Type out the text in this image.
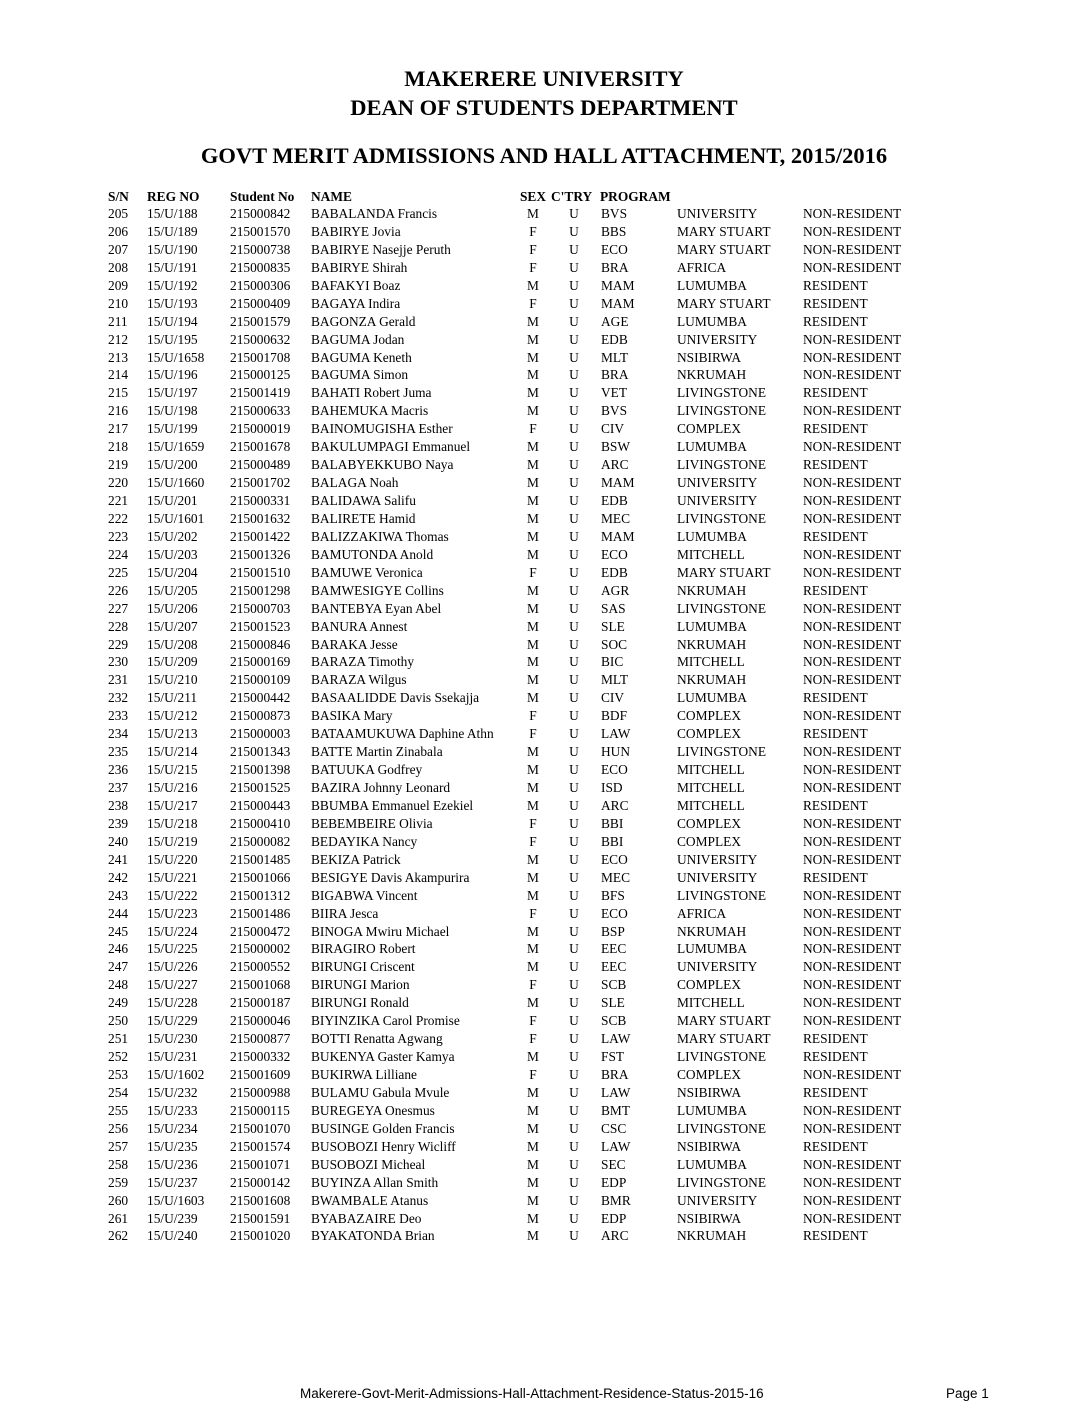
MAKERERE UNIVERSITY
DEAN OF STUDENTS DEPARTMENT
GOVT MERIT ADMISSIONS AND HALL ATTACHMENT, 2015/2016
S/N REG NO Student No NAME	SEX C'TRY PROGRAM
205 15/U/188 215000842 BABALANDA Francis	M	U	BVS	UNIVERSITY	NON-RESIDENT
206 15/U/189 215001570 BABIRYE Jovia	F	U	BBS	MARY STUART NON-RESIDENT
207 15/U/190 215000738 BABIRYE Nasejje Peruth	F	U	ECO	MARY STUART NON-RESIDENT
208 15/U/191 215000835 BABIRYE Shirah	F	U	BRA	AFRICA	NON-RESIDENT
209 15/U/192 215000306 BAFAKYI Boaz	M	U	MAM	LUMUMBA	RESIDENT
210 15/U/193 215000409 BAGAYA Indira	F	U	MAM	MARY STUART RESIDENT
211 15/U/194 215001579 BAGONZA Gerald	M	U	AGE	LUMUMBA	RESIDENT
212 15/U/195 215000632 BAGUMA Jodan	M	U	EDB	UNIVERSITY	NON-RESIDENT
213 15/U/1658 215001708 BAGUMA Keneth	M	U	MLT	NSIBIRWA	NON-RESIDENT
214 15/U/196 215000125 BAGUMA Simon	M	U	BRA	NKRUMAH	NON-RESIDENT
215 15/U/197 215001419 BAHATI Robert Juma	M	U	VET	LIVINGSTONE	RESIDENT
216 15/U/198 215000633 BAHEMUKA Macris	M	U	BVS	LIVINGSTONE	NON-RESIDENT
217 15/U/199 215000019 BAINOMUGISHA Esther	F	U	CIV	COMPLEX	RESIDENT
218 15/U/1659 215001678 BAKULUMPAGI Emmanuel	M	U	BSW	LUMUMBA	NON-RESIDENT
219 15/U/200 215000489 BALABYEKKUBO Naya	M	U	ARC	LIVINGSTONE	RESIDENT
220 15/U/1660 215001702 BALAGA Noah	M	U	MAM	UNIVERSITY	NON-RESIDENT
221 15/U/201 215000331 BALIDAWA Salifu	M	U	EDB	UNIVERSITY	NON-RESIDENT
222 15/U/1601 215001632 BALIRETE Hamid	M	U	MEC	LIVINGSTONE	NON-RESIDENT
223 15/U/202 215001422 BALIZZAKIWA Thomas	M	U	MAM	LUMUMBA	RESIDENT
224 15/U/203 215001326 BAMUTONDA Anold	M	U	ECO	MITCHELL	NON-RESIDENT
225 15/U/204 215001510 BAMUWE Veronica	F	U	EDB	MARY STUART NON-RESIDENT
226 15/U/205 215001298 BAMWESIGYE Collins	M	U	AGR	NKRUMAH	RESIDENT
227 15/U/206 215000703 BANTEBYA Eyan Abel	M	U	SAS	LIVINGSTONE	NON-RESIDENT
228 15/U/207 215001523 BANURA Annest	M	U	SLE	LUMUMBA	NON-RESIDENT
229 15/U/208 215000846 BARAKA Jesse	M	U	SOC	NKRUMAH	NON-RESIDENT
230 15/U/209 215000169 BARAZA Timothy	M	U	BIC	MITCHELL	NON-RESIDENT
231 15/U/210 215000109 BARAZA Wilgus	M	U	MLT	NKRUMAH	NON-RESIDENT
232 15/U/211 215000442 BASAALIDDE Davis Ssekajja	M	U	CIV	LUMUMBA	RESIDENT
233 15/U/212 215000873 BASIKA Mary	F	U	BDF	COMPLEX	NON-RESIDENT
234 15/U/213 215000003 BATAAMUKUWA Daphine Athn	F	U	LAW	COMPLEX	RESIDENT
235 15/U/214 215001343 BATTE Martin Zinabala	M	U	HUN	LIVINGSTONE	NON-RESIDENT
236 15/U/215 215001398 BATUUKA Godfrey	M	U	ECO	MITCHELL	NON-RESIDENT
237 15/U/216 215001525 BAZIRA Johnny Leonard	M	U	ISD	MITCHELL	NON-RESIDENT
238 15/U/217 215000443 BBUMBA Emmanuel Ezekiel	M	U	ARC	MITCHELL	RESIDENT
239 15/U/218 215000410 BEBEMBEIRE Olivia	F	U	BBI	COMPLEX	NON-RESIDENT
240 15/U/219 215000082 BEDAYIKA Nancy	F	U	BBI	COMPLEX	NON-RESIDENT
241 15/U/220 215001485 BEKIZA Patrick	M	U	ECO	UNIVERSITY	NON-RESIDENT
242 15/U/221 215001066 BESIGYE Davis Akampurira	M	U	MEC	UNIVERSITY	RESIDENT
243 15/U/222 215001312 BIGABWA Vincent	M	U	BFS	LIVINGSTONE	NON-RESIDENT
244 15/U/223 215001486 BIIRA Jesca	F	U	ECO	AFRICA	NON-RESIDENT
245 15/U/224 215000472 BINOGA Mwiru Michael	M	U	BSP	NKRUMAH	NON-RESIDENT
246 15/U/225 215000002 BIRAGIRO Robert	M	U	EEC	LUMUMBA	NON-RESIDENT
247 15/U/226 215000552 BIRUNGI Criscent	M	U	EEC	UNIVERSITY	NON-RESIDENT
248 15/U/227 215001068 BIRUNGI Marion	F	U	SCB	COMPLEX	NON-RESIDENT
249 15/U/228 215000187 BIRUNGI Ronald	M	U	SLE	MITCHELL	NON-RESIDENT
250 15/U/229 215000046 BIYINZIKA Carol Promise	F	U	SCB	MARY STUART NON-RESIDENT
251 15/U/230 215000877 BOTTI Renatta Agwang	F	U	LAW	MARY STUART RESIDENT
252 15/U/231 215000332 BUKENYA Gaster Kamya	M	U	FST	LIVINGSTONE	RESIDENT
253 15/U/1602 215001609 BUKIRWA Lilliane	F	U	BRA	COMPLEX	NON-RESIDENT
254 15/U/232 215000988 BULAMU Gabula Mvule	M	U	LAW	NSIBIRWA	RESIDENT
255 15/U/233 215000115 BUREGEYA Onesmus	M	U	BMT	LUMUMBA	NON-RESIDENT
256 15/U/234 215001070 BUSINGE Golden Francis	M	U	CSC	LIVINGSTONE	NON-RESIDENT
257 15/U/235 215001574 BUSOBOZI Henry Wicliff	M	U	LAW	NSIBIRWA	RESIDENT
258 15/U/236 215001071 BUSOBOZI Micheal	M	U	SEC	LUMUMBA	NON-RESIDENT
259 15/U/237 215000142 BUYINZA Allan Smith	M	U	EDP	LIVINGSTONE	NON-RESIDENT
260 15/U/1603 215001608 BWAMBALE Atanus	M	U	BMR	UNIVERSITY	NON-RESIDENT
261 15/U/239 215001591 BYABAZAIRE Deo	M	U	EDP	NSIBIRWA	NON-RESIDENT
262 15/U/240 215001020 BYAKATONDA Brian	M	U	ARC	NKRUMAH	RESIDENT
Makerere-Govt-Merit-Admissions-Hall-Attachment-Residence-Status-2015-16	Page 1
